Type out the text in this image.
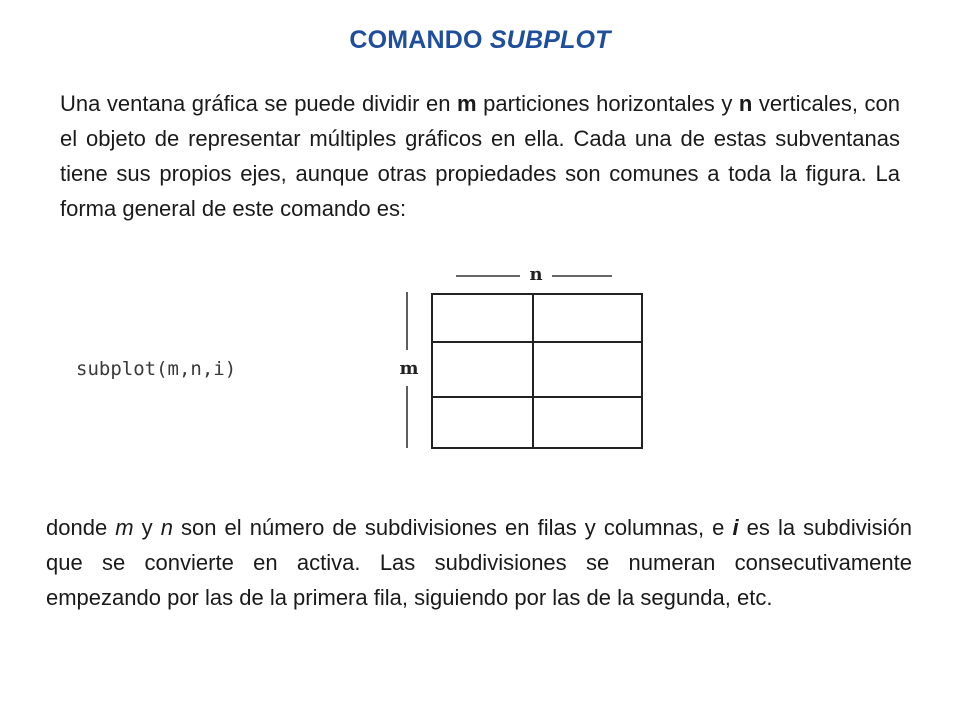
COMANDO SUBPLOT

Una ventana gráfica se puede dividir en m particiones horizontales y n verticales, con el objeto de representar múltiples gráficos en ella. Cada una de estas subventanas tiene sus propios ejes, aunque otras propiedades son comunes a toda la figura. La forma general de este comando es:

subplot(m,n,i)
n
m

donde m y n son el número de subdivisiones en filas y columnas, e i es la subdivisión que se convierte en activa. Las subdivisiones se numeran consecutivamente empezando por las de la primera fila, siguiendo por las de la segunda, etc.
